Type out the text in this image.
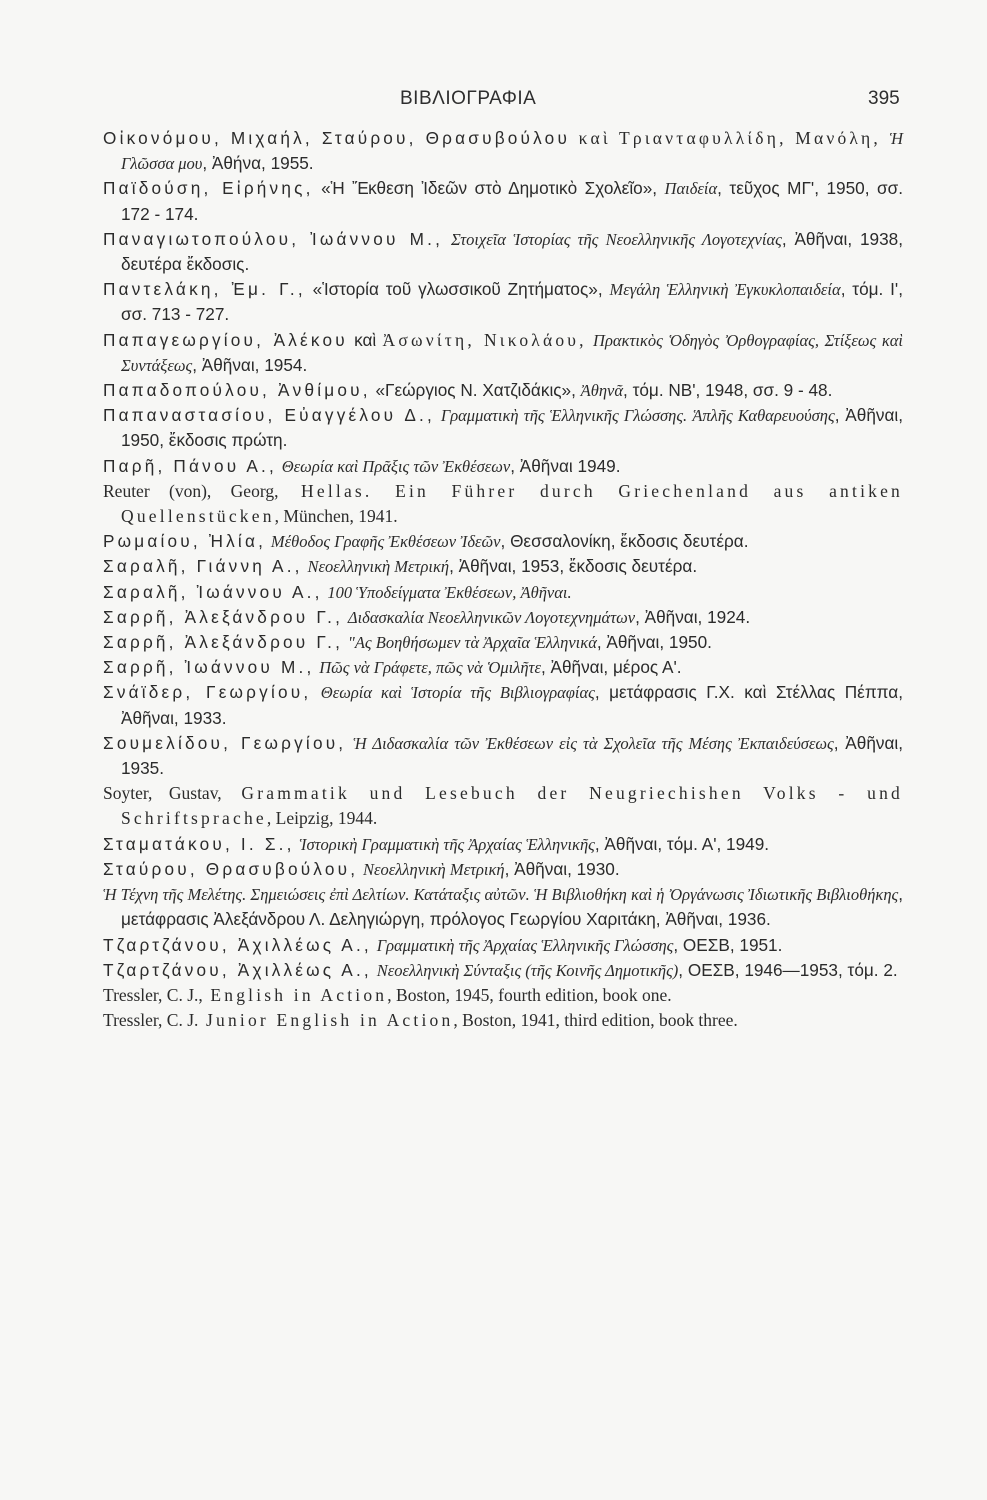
ΒΙΒΛΙΟΓΡΑΦΙΑ	395
Οἰκονόμου, Μιχαήλ, Σταύρου, Θρασυβούλου καὶ Τριανταφυλλίδη, Μανόλη, Ἡ Γλῶσσα μου, Ἀθήνα, 1955.
Παϊδούση, Εἰρήνης, «Ἡ Ἔκθεση Ἰδεῶν στὸ Δημοτικὸ Σχολεῖο», Παιδεία, τεῦχος ΜΓ', 1950, σσ. 172 - 174.
Παναγιωτοπούλου, Ἰωάννου Μ., Στοιχεῖα Ἱστορίας τῆς Νεοελληνικῆς Λογοτεχνίας, Ἀθῆναι, 1938, δευτέρα ἔκδοσις.
Παντελάκη, Ἐμ. Γ., «Ἱστορία τοῦ γλωσσικοῦ Ζητήματος», Μεγάλη Ἑλληνικὴ Ἐγκυκλοπαιδεία, τόμ. Ι', σσ. 713 - 727.
Παπαγεωργίου, Ἀλέκου καὶ Ἀσωνίτη, Νικολάου, Πρακτικὸς Ὁδηγὸς Ὀρθογραφίας, Στίξεως καὶ Συντάξεως, Ἀθῆναι, 1954.
Παπαδοπούλου, Ἀνθίμου, «Γεώργιος Ν. Χατζιδάκις», Ἀθηνᾶ, τόμ. ΝΒ', 1948, σσ. 9 - 48.
Παπαναστασίου, Εὐαγγέλου Δ., Γραμματικὴ τῆς Ἑλληνικῆς Γλώσσης. Ἁπλῆς Καθαρευούσης, Ἀθῆναι, 1950, ἔκδοσις πρώτη.
Παρῆ, Πάνου Α., Θεωρία καὶ Πρᾶξις τῶν Ἐκθέσεων, Ἀθῆναι 1949.
Reuter (von), Georg, Hellas. Ein Führer durch Griechenland aus antiken Quellenstücken, München, 1941.
Ρωμαίου, Ἠλία, Μέθοδος Γραφῆς Ἐκθέσεων Ἰδεῶν, Θεσσαλονίκη, ἔκδοσις δευτέρα.
Σαραλῆ, Γιάννη Α., Νεοελληνικὴ Μετρική, Ἀθῆναι, 1953, ἔκδοσις δευτέρα.
Σαραλῆ, Ἰωάννου Α., 100 Ὑποδείγματα Ἐκθέσεων, Ἀθῆναι.
Σαρρῆ, Ἀλεξάνδρου Γ., Διδασκαλία Νεοελληνικῶν Λογοτεχνημάτων, Ἀθῆναι, 1924.
Σαρρῆ, Ἀλεξάνδρου Γ., "Ας Βοηθήσωμεν τὰ Ἀρχαῖα Ἑλληνικά, Ἀθῆναι, 1950.
Σαρρῆ, Ἰωάννου Μ., Πῶς νὰ Γράφετε, πῶς νὰ Ὁμιλῆτε, Ἀθῆναι, μέρος Α'.
Σνάϊδερ, Γεωργίου, Θεωρία καὶ Ἱστορία τῆς Βιβλιογραφίας, μετάφρασις Γ.Χ. καὶ Στέλλας Πέππα, Ἀθῆναι, 1933.
Σουμελίδου, Γεωργίου, Ἡ Διδασκαλία τῶν Ἐκθέσεων εἰς τὰ Σχολεῖα τῆς Μέσης Ἐκπαιδεύσεως, Ἀθῆναι, 1935.
Soyter, Gustav, Grammatik und Lesebuch der Neugriechishen Volks - und Schriftsprache, Leipzig, 1944.
Σταματάκου, Ι. Σ., Ἱστορικὴ Γραμματικὴ τῆς Ἀρχαίας Ἑλληνικῆς, Ἀθῆναι, τόμ. Α', 1949.
Σταύρου, Θρασυβούλου, Νεοελληνικὴ Μετρική, Ἀθῆναι, 1930.
Ἡ Τέχνη τῆς Μελέτης. Σημειώσεις ἐπὶ Δελτίων. Κατάταξις αὐτῶν. Ἡ Βιβλιοθήκη καὶ ἡ Ὀργάνωσις Ἰδιωτικῆς Βιβλιοθήκης, μετάφρασις Ἀλεξάνδρου Λ. Δεληγιώργη, πρόλογος Γεωργίου Χαριτάκη, Ἀθῆναι, 1936.
Τζαρτζάνου, Ἀχιλλέως Α., Γραμματικὴ τῆς Ἀρχαίας Ἑλληνικῆς Γλώσσης, ΟΕΣΒ, 1951.
Τζαρτζάνου, Ἀχιλλέως Α., Νεοελληνικὴ Σύνταξις (τῆς Κοινῆς Δημοτικῆς), ΟΕΣΒ, 1946—1953, τόμ. 2.
Tressler, C. J., English in Action, Boston, 1945, fourth edition, book one.
Tressler, C. J. Junior English in Action, Boston, 1941, third edition, book three.
